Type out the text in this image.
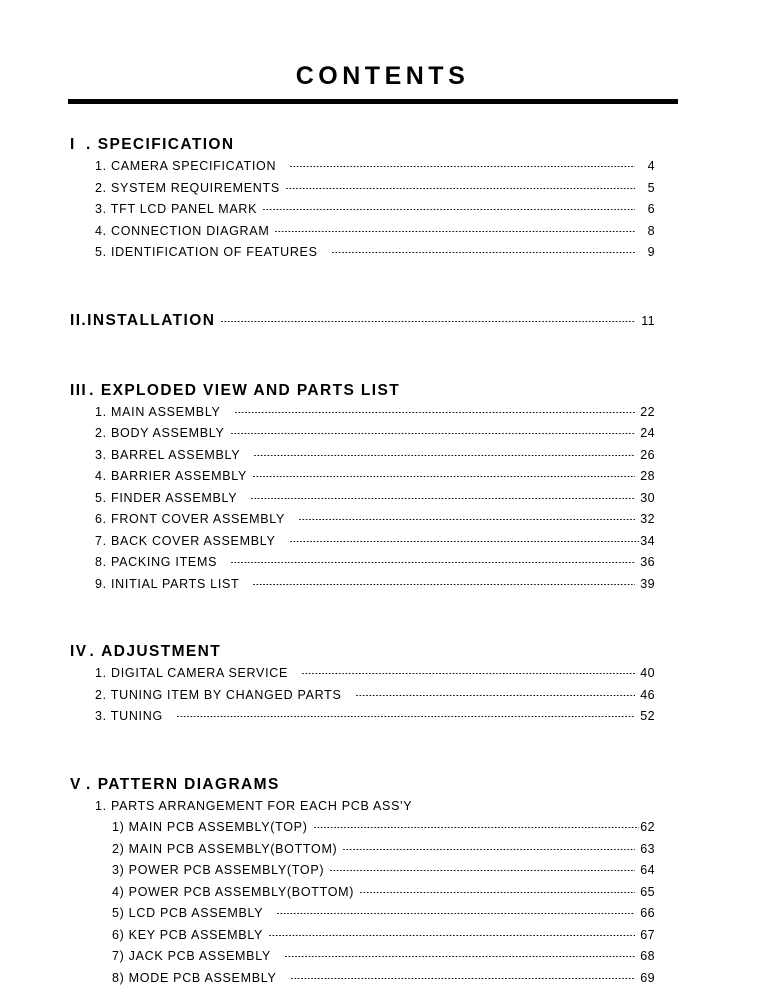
CONTENTS
I . SPECIFICATION
1. CAMERA SPECIFICATION	4
2. SYSTEM REQUIREMENTS	5
3. TFT LCD PANEL MARK	6
4. CONNECTION DIAGRAM	8
5. IDENTIFICATION OF FEATURES	9
II.INSTALLATION	11
III . EXPLODED VIEW AND PARTS LIST
1. MAIN ASSEMBLY	22
2. BODY ASSEMBLY	24
3. BARREL ASSEMBLY	26
4. BARRIER ASSEMBLY	28
5. FINDER ASSEMBLY	30
6. FRONT COVER ASSEMBLY	32
7. BACK COVER ASSEMBLY	34
8. PACKING ITEMS	36
9. INITIAL PARTS LIST	39
IV . ADJUSTMENT
1. DIGITAL CAMERA SERVICE	40
2. TUNING ITEM BY CHANGED PARTS	46
3. TUNING	52
V . PATTERN DIAGRAMS
1. PARTS ARRANGEMENT FOR EACH PCB ASS'Y
1) MAIN PCB ASSEMBLY(TOP)	62
2) MAIN PCB ASSEMBLY(BOTTOM)	63
3) POWER PCB ASSEMBLY(TOP)	64
4) POWER PCB ASSEMBLY(BOTTOM)	65
5) LCD PCB ASSEMBLY	66
6) KEY PCB ASSEMBLY	67
7) JACK PCB ASSEMBLY	68
8) MODE PCB ASSEMBLY	69
